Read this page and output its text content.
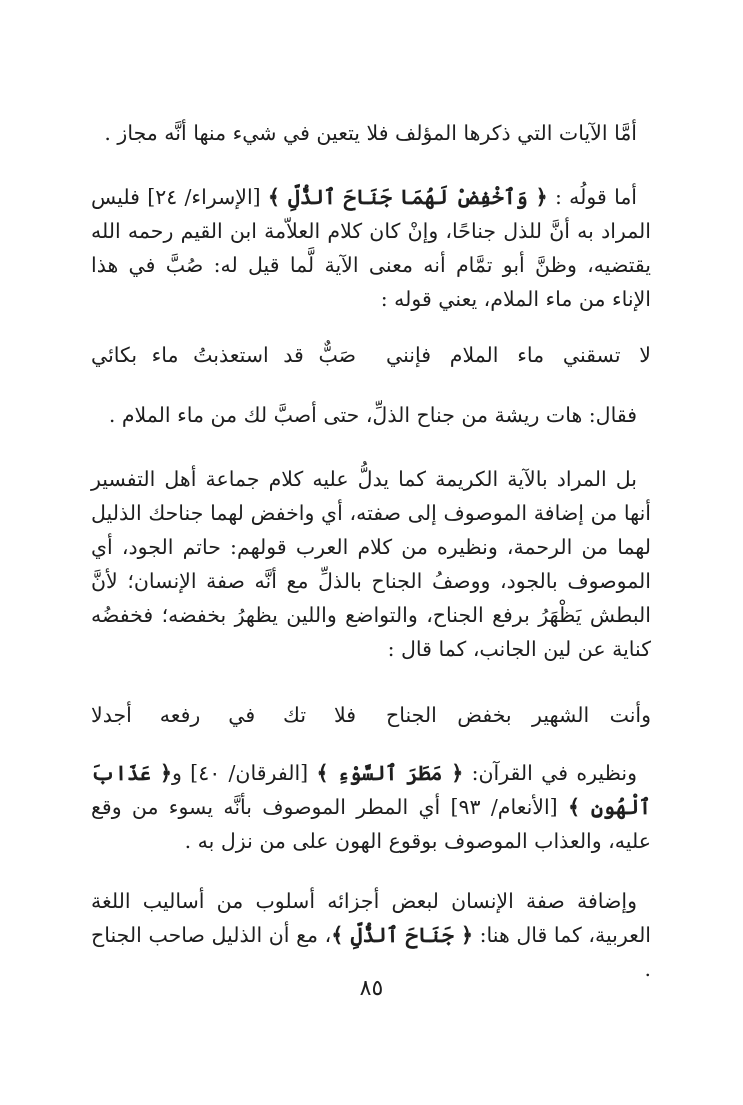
أمَّا الآيات التي ذكرها المؤلف فلا يتعين في شيء منها أنَّه مجاز .

أما قولُه : ﴿ وَٱخْفِضْ لَهُمَا جَنَاحَ ٱلذُّلِّ ﴾ [الإسراء/ ٢٤] فليس المراد به أنَّ للذل جناحًا، وإنْ كان كلام العلاّمة ابن القيم رحمه الله يقتضيه، وظنَّ أبو تمَّام أنه معنى الآية لَّما قيل له: صُبَّ في هذا الإناء من ماء الملام، يعني قوله :

لا تسقني ماء الملام فإنني
صَبٌّ قد استعذبتُ ماء بكائي

فقال: هات ريشة من جناح الذلِّ، حتى أصبَّ لك من ماء الملام .

بل المراد بالآية الكريمة كما يدلُّ عليه كلام جماعة أهل التفسير أنها من إضافة الموصوف إلى صفته، أي واخفض لهما جناحك الذليل لهما من الرحمة، ونظيره من كلام العرب قولهم: حاتم الجود، أي الموصوف بالجود، ووصفُ الجناح بالذلِّ مع أنَّه صفة الإنسان؛ لأنَّ البطش يَظْهَرُ برفع الجناح، والتواضع واللين يظهرُ بخفضه؛ فخفضُه كناية عن لين الجانب، كما قال :

وأنت الشهير بخفض الجناح
فلا تك في رفعه أجدلا

ونظيره في القرآن: ﴿ مَطَرَ ٱلسَّوْءِ ﴾ [الفرقان/ ٤٠] و﴿ عَذَابَ ٱلْهُونِ ﴾ [الأنعام/ ٩٣] أي المطر الموصوف بأنَّه يسوء من وقع عليه، والعذاب الموصوف بوقوع الهون على من نزل به .

وإضافة صفة الإنسان لبعض أجزائه أسلوب من أساليب اللغة العربية، كما قال هنا: ﴿ جَنَاحَ ٱلذُّلِّ ﴾، مع أن الذليل صاحب الجناح .

٨٥
